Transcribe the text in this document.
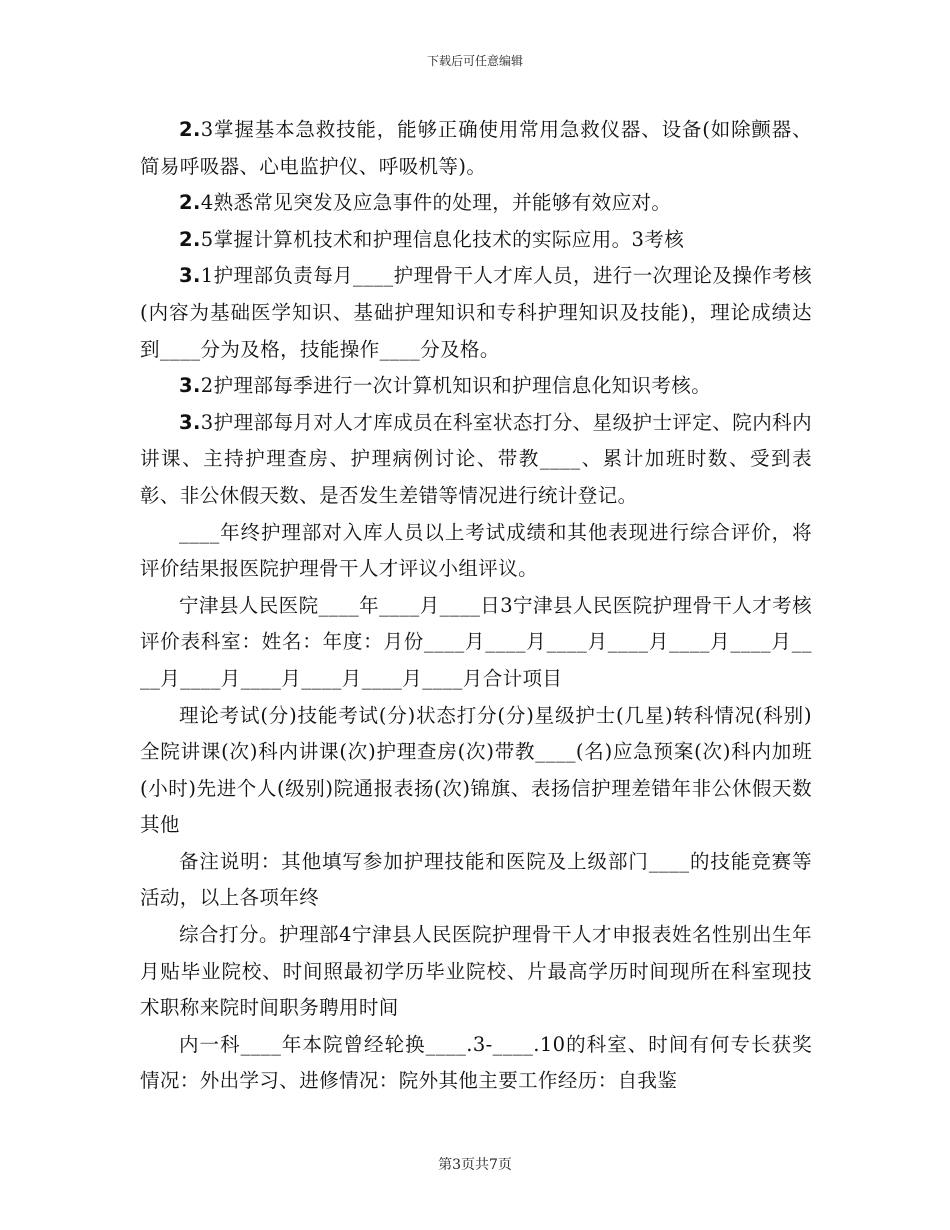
下载后可任意编辑

2.3掌握基本急救技能，能够正确使用常用急救仪器、设备(如除颤器、简易呼吸器、心电监护仪、呼吸机等)。

2.4熟悉常见突发及应急事件的处理，并能够有效应对。

2.5掌握计算机技术和护理信息化技术的实际应用。3考核

3.1护理部负责每月____护理骨干人才库人员，进行一次理论及操作考核(内容为基础医学知识、基础护理知识和专科护理知识及技能)，理论成绩达到____分为及格，技能操作____分及格。

3.2护理部每季进行一次计算机知识和护理信息化知识考核。

3.3护理部每月对人才库成员在科室状态打分、星级护士评定、院内科内讲课、主持护理查房、护理病例讨论、带教____、累计加班时数、受到表彰、非公休假天数、是否发生差错等情况进行统计登记。

____年终护理部对入库人员以上考试成绩和其他表现进行综合评价，将评价结果报医院护理骨干人才评议小组评议。

宁津县人民医院____年____月____日3宁津县人民医院护理骨干人才考核评价表科室：姓名：年度：月份____月____月____月____月____月____月____月____月____月____月____月____月合计项目

理论考试(分)技能考试(分)状态打分(分)星级护士(几星)转科情况(科别)全院讲课(次)科内讲课(次)护理查房(次)带教____(名)应急预案(次)科内加班(小时)先进个人(级别)院通报表扬(次)锦旗、表扬信护理差错年非公休假天数其他

备注说明：其他填写参加护理技能和医院及上级部门____的技能竞赛等活动，以上各项年终

综合打分。护理部4宁津县人民医院护理骨干人才申报表姓名性别出生年月贴毕业院校、时间照最初学历毕业院校、片最高学历时间现所在科室现技术职称来院时间职务聘用时间

内一科____年本院曾经轮换____.3-____.10的科室、时间有何专长获奖情况：外出学习、进修情况：院外其他主要工作经历：自我鉴

第3页共7页
